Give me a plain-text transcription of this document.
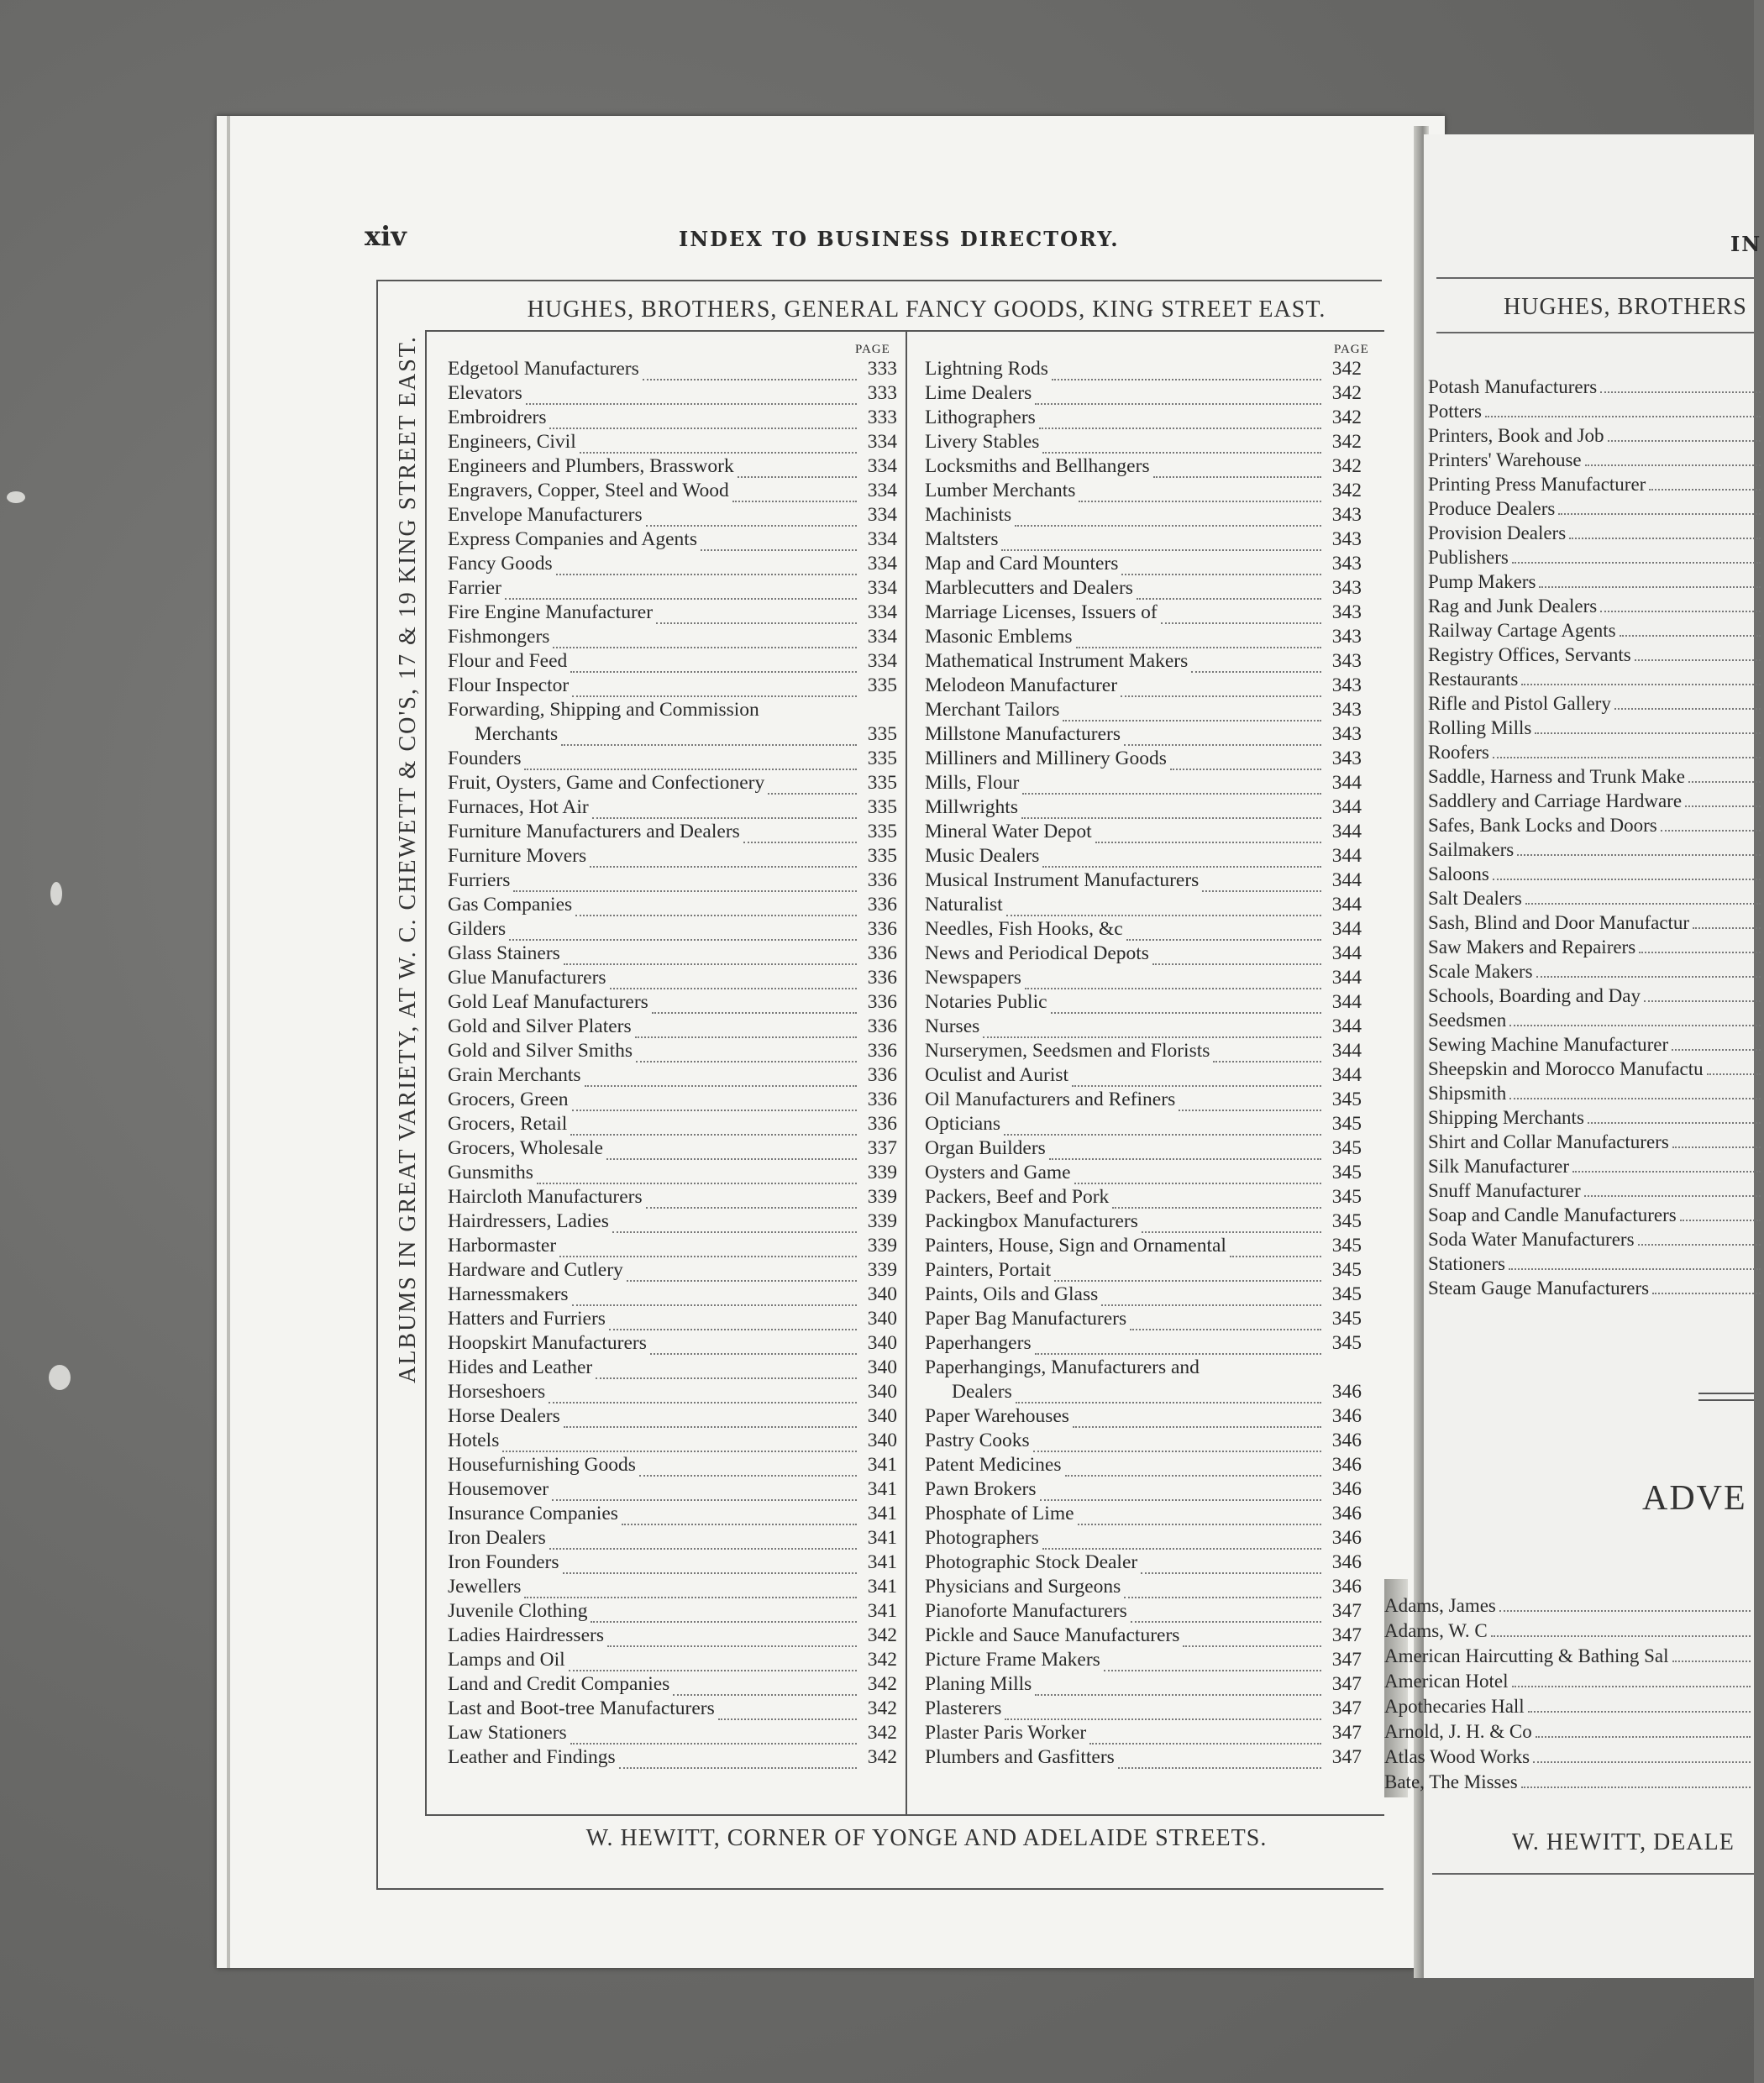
xiv	INDEX TO BUSINESS DIRECTORY.
HUGHES, BROTHERS, GENERAL FANCY GOODS, KING STREET EAST.
W. HEWITT, CORNER OF YONGE AND ADELAIDE STREETS.
ALBUMS IN GREAT VARIETY, AT W. C. CHEWETT & CO'S, 17 & 19 KING STREET EAST.	PAGE	PAGE
Edgetool Manufacturers	333
Elevators	333
Embroidrers	333
Engineers, Civil	334
Engineers and Plumbers, Brasswork	334
Engravers, Copper, Steel and Wood	334
Envelope Manufacturers	334
Express Companies and Agents	334
Fancy Goods	334
Farrier	334
Fire Engine Manufacturer	334
Fishmongers	334
Flour and Feed	334
Flour Inspector	335
Forwarding, Shipping and Commission
Merchants	335
Founders	335
Fruit, Oysters, Game and Confectionery	335
Furnaces, Hot Air	335
Furniture Manufacturers and Dealers	335
Furniture Movers	335
Furriers	336
Gas Companies	336
Gilders	336
Glass Stainers	336
Glue Manufacturers	336
Gold Leaf Manufacturers	336
Gold and Silver Platers	336
Gold and Silver Smiths	336
Grain Merchants	336
Grocers, Green	336
Grocers, Retail	336
Grocers, Wholesale	337
Gunsmiths	339
Haircloth Manufacturers	339
Hairdressers, Ladies	339
Harbormaster	339
Hardware and Cutlery	339
Harnessmakers	340
Hatters and Furriers	340
Hoopskirt Manufacturers	340
Hides and Leather	340
Horseshoers	340
Horse Dealers	340
Hotels	340
Housefurnishing Goods	341
Housemover	341
Insurance Companies	341
Iron Dealers	341
Iron Founders	341
Jewellers	341
Juvenile Clothing	341
Ladies Hairdressers	342
Lamps and Oil	342
Land and Credit Companies	342
Last and Boot-tree Manufacturers	342
Law Stationers	342
Leather and Findings	342
Lightning Rods	342
Lime Dealers	342
Lithographers	342
Livery Stables	342
Locksmiths and Bellhangers	342
Lumber Merchants	342
Machinists	343
Maltsters	343
Map and Card Mounters	343
Marblecutters and Dealers	343
Marriage Licenses, Issuers of	343
Masonic Emblems	343
Mathematical Instrument Makers	343
Melodeon Manufacturer	343
Merchant Tailors	343
Millstone Manufacturers	343
Milliners and Millinery Goods	343
Mills, Flour	344
Millwrights	344
Mineral Water Depot	344
Music Dealers	344
Musical Instrument Manufacturers	344
Naturalist	344
Needles, Fish Hooks, &c	344
News and Periodical Depots	344
Newspapers	344
Notaries Public	344
Nurses	344
Nurserymen, Seedsmen and Florists	344
Oculist and Aurist	344
Oil Manufacturers and Refiners	345
Opticians	345
Organ Builders	345
Oysters and Game	345
Packers, Beef and Pork	345
Packingbox Manufacturers	345
Painters, House, Sign and Ornamental	345
Painters, Portait	345
Paints, Oils and Glass	345
Paper Bag Manufacturers	345
Paperhangers	345
Paperhangings, Manufacturers and
Dealers	346
Paper Warehouses	346
Pastry Cooks	346
Patent Medicines	346
Pawn Brokers	346
Phosphate of Lime	346
Photographers	346
Photographic Stock Dealer	346
Physicians and Surgeons	346
Pianoforte Manufacturers	347
Pickle and Sauce Manufacturers	347
Picture Frame Makers	347
Planing Mills	347
Plasterers	347
Plaster Paris Worker	347
Plumbers and Gasfitters	347
IN
HUGHES, BROTHERS
Potash Manufacturers
Potters
Printers, Book and Job
Printers' Warehouse
Printing Press Manufacturer
Produce Dealers
Provision Dealers
Publishers
Pump Makers
Rag and Junk Dealers
Railway Cartage Agents
Registry Offices, Servants
Restaurants
Rifle and Pistol Gallery
Rolling Mills
Roofers
Saddle, Harness and Trunk Make
Saddlery and Carriage Hardware
Safes, Bank Locks and Doors
Sailmakers
Saloons
Salt Dealers
Sash, Blind and Door Manufactur
Saw Makers and Repairers
Scale Makers
Schools, Boarding and Day
Seedsmen
Sewing Machine Manufacturer
Sheepskin and Morocco Manufactu
Shipsmith
Shipping Merchants
Shirt and Collar Manufacturers
Silk Manufacturer
Snuff Manufacturer
Soap and Candle Manufacturers
Soda Water Manufacturers
Stationers
Steam Gauge Manufacturers
ADVE
Adams, James
Adams, W. C
American Haircutting & Bathing Sal
American Hotel
Apothecaries Hall
Arnold, J. H. & Co
Atlas Wood Works
Bate, The Misses
W. HEWITT, DEALE
